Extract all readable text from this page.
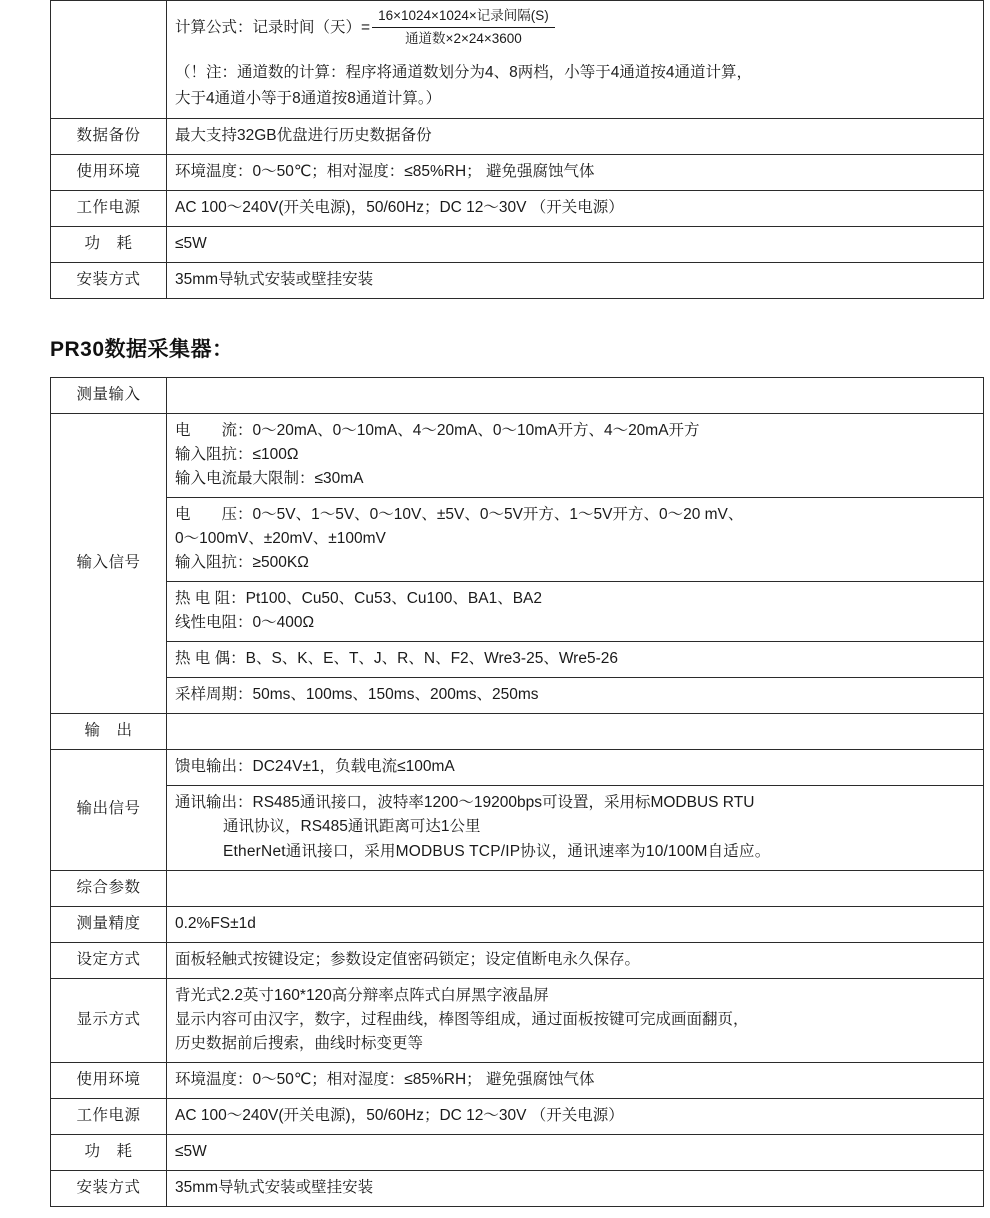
	计算公式：记录时间（天）= $\frac{\text{16×1024×1024×记录间隔(S)}}{\text{通道数×2×24×3600}}$
（！注：通道数的计算：程序将通道数划分为4、8两档，小等于4通道按4通道计算，
大于4通道小等于8通道按8通道计算。）

数据备份	最大支持32GB优盘进行历史数据备份
使用环境	环境温度：0～50℃；相对湿度：≤85%RH； 避免强腐蚀气体
工作电源	AC 100～240V(开关电源)，50/60Hz；DC 12～30V （开关电源）
功　耗	≤5W
安装方式	35mm导轨式安装或壁挂安装
PR30数据采集器：
测量输入	
输入信号	电　　流：0～20mA、0～10mA、4～20mA、0～10mA开方、4～20mA开方
输入阻抗：≤100Ω
输入电流最大限制：≤30mA

	电　　压：0～5V、1～5V、0～10V、±5V、0～5V开方、1～5V开方、0～20 mV、
0～100mV、±20mV、±100mV
输入阻抗：≥500KΩ

	热 电 阻：Pt100、Cu50、Cu53、Cu100、BA1、BA2
线性电阻：0～400Ω

	热 电 偶：B、S、K、E、T、J、R、N、F2、Wre3-25、Wre5-26

	采样周期：50ms、100ms、150ms、200ms、250ms

输　出	
输出信号	馈电输出：DC24V±1，负载电流≤100mA

	通讯输出：RS485通讯接口，波特率1200～19200bps可设置，采用标MODBUS RTU
通讯协议，RS485通讯距离可达1公里
EtherNet通讯接口，采用MODBUS TCP/IP协议，通讯速率为10/100M自适应。

综合参数	
测量精度	0.2%FS±1d
设定方式	面板轻触式按键设定；参数设定值密码锁定；设定值断电永久保存。
显示方式	背光式2.2英寸160*120高分辩率点阵式白屏黑字液晶屏
显示内容可由汉字，数字，过程曲线，棒图等组成，通过面板按键可完成画面翻页，
历史数据前后搜索，曲线时标变更等

使用环境	环境温度：0～50℃；相对湿度：≤85%RH； 避免强腐蚀气体
工作电源	AC 100～240V(开关电源)，50/60Hz；DC 12～30V （开关电源）
功　耗	≤5W
安装方式	35mm导轨式安装或壁挂安装
